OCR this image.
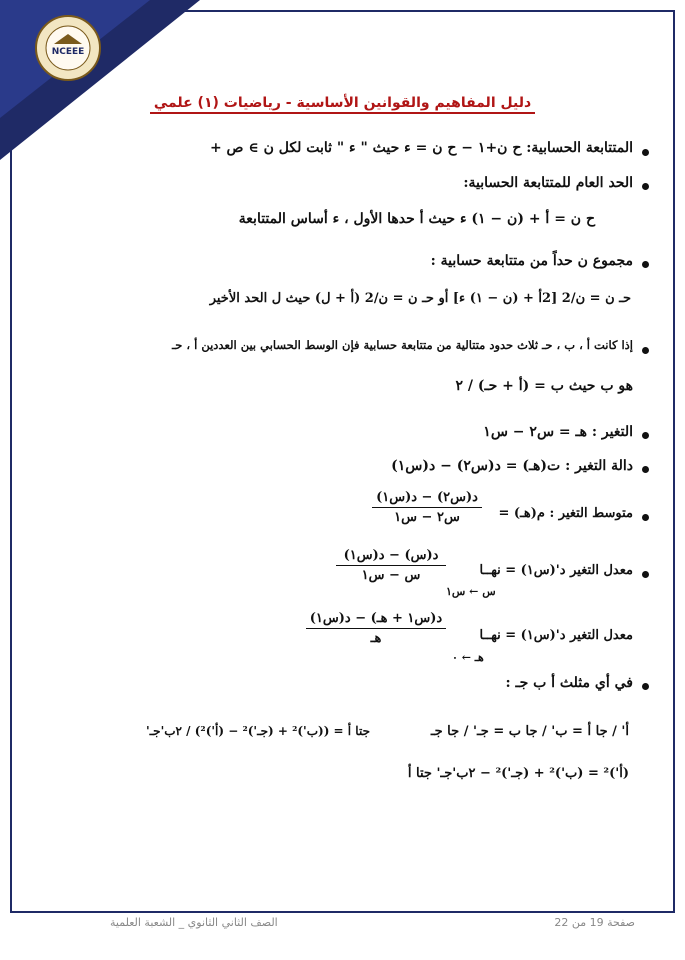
NCEEE
دليل المفاهيم والقوانين الأساسية - رياضيات (١) علمي
المتتابعة الحسابية: ح ن+١ − ح ن = ء حيث " ء " ثابت لكل ن ∋ ص +
الحد العام للمتتابعة الحسابية:
ح ن = أ + (ن − ١) ء حيث أ حدها الأول ، ء أساس المتتابعة
مجموع ن حداً من متتابعة حسابية :
حـ ن = ن/2 [2أ + (ن − ١) ء] أو حـ ن = ن/2 (أ + ل) حيث ل الحد الأخير
إذا كانت أ ، ب ، حـ ثلاث حدود متتالية من متتابعة حسابية فإن الوسط الحسابي بين العددين أ ، حـ
هو ب حيث ب = (أ + حـ) / ٢
التغير : هـ = س٢ − س١
دالة التغير : ت(هـ) = د(س٢) − د(س١)
متوسط التغير : م(هـ) =
د(س٢) − د(س١)
س٢ − س١
معدل التغير د'(س١) = نهــا
س ← س١
د(س) − د(س١)
س − س١
معدل التغير د'(س١) = نهــا
هـ ← ٠
د(س١ + هـ) − د(س١)
هـ
في أي مثلث أ ب جـ :
أ' / جا أ = ب' / جا ب = جـ' / جا جـ
جتا أ = ((ب')² + (جـ')² − (أ')²) / ٢ب'جـ'
(أ')² = (ب')² + (جـ')² − ٢ب'جـ' جتا أ
صفحة 19 من 22
الصف الثاني الثانوي _ الشعبة العلمية
